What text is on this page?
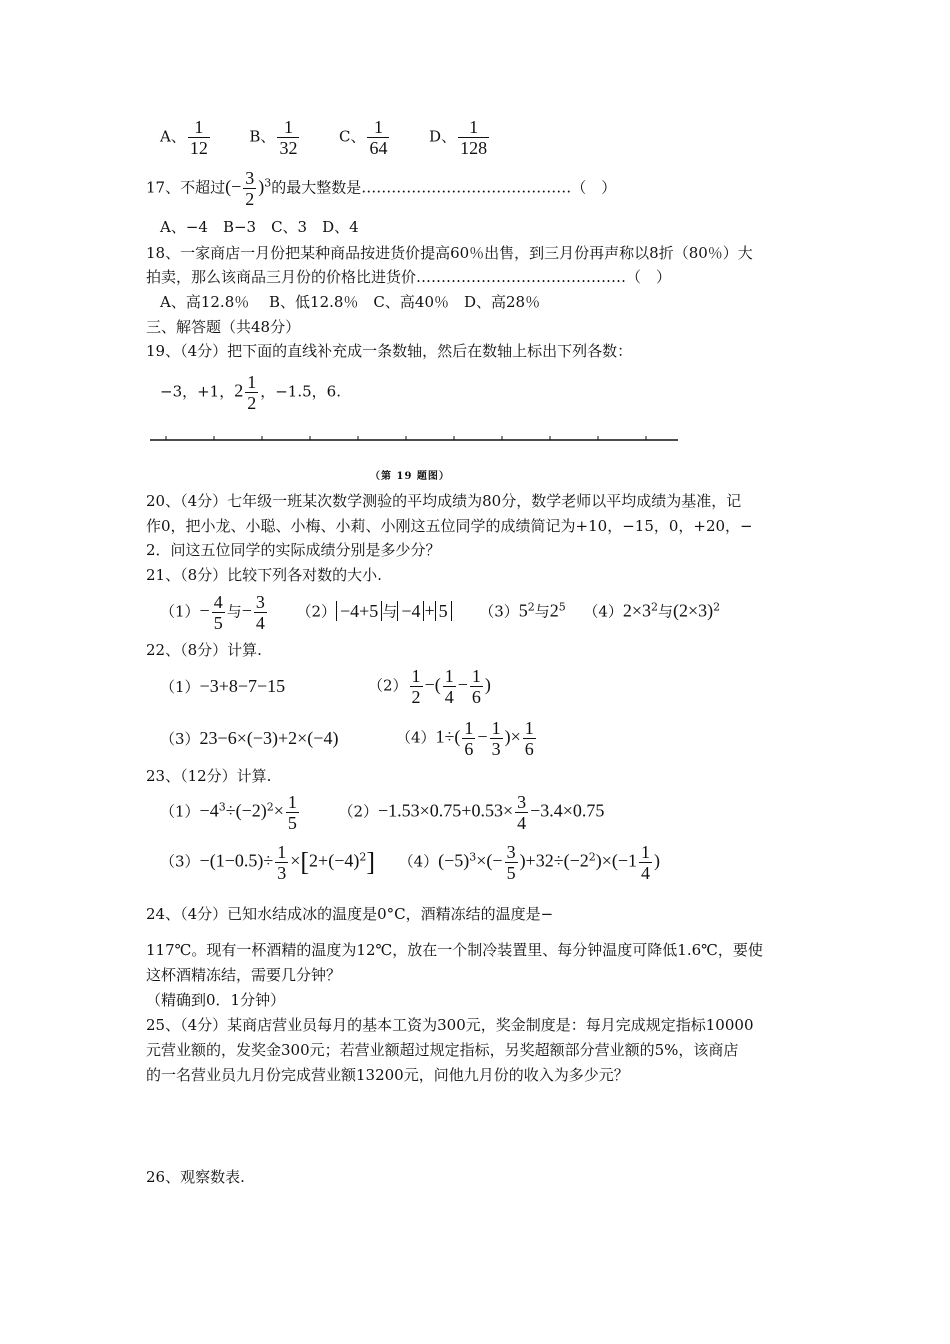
A、 $\frac{1}{12}$	B、 $\frac{1}{32}$	C、 $\frac{1}{64}$	D、 $\frac{1}{128}$
17、不超过(− $\frac{3}{2} )^3$的最大整数是……………………………………（　）
A、−4　B−3　C、3　D、4
18、一家商店一月份把某种商品按进货价提高60％出售，到三月份再声称以8折（80％）大
拍卖，那么该商品三月份的价格比进货价……………………………………（　）
A、高12.8％　 B、低12.8％　C、高40％　D、高28％
三、解答题（共48分）
19、（4分）把下面的直线补充成一条数轴，然后在数轴上标出下列各数：
−3，+1，$2 \frac{1}{2}$ ，−1.5，6.
（第 19 题图）
20、（4分）七年级一班某次数学测验的平均成绩为80分，数学老师以平均成绩为基准，记
作0，把小龙、小聪、小梅、小莉、小刚这五位同学的成绩简记为+10，−15，0，+20，−
2．问这五位同学的实际成绩分别是多少分？
21、（8分）比较下列各对数的大小.
$(1)- \frac{4}{5}$ 与− $\frac{3}{4} (2) -4+5$ 与 −4 + 5 $(3)5^2$与$2^5$ $(4)2\times 3^2$与$(2\times 3)^2$
22、（8分）计算.
（1）−3+8−7−15	$(2) \frac{1}{2}$ −( $\frac{1}{4} - \frac{1}{6}$ )
（3）23−6×(−3)+2×(−4)	$(4)1\div( \frac{1}{6} - \frac{1}{3}$ )× $\frac{1}{6}$
23、（12分）计算.
$(1)-4^3\div(-2)^2\times \frac{1}{5}$	$(2)-1.53\times 0.75+0.53\times \frac{3}{4} -3.4\times 0.75$
$(3)-(1-0.5)\div \frac{1}{3} \times[2+(-4)^2]$ $(4)(-5)^3\times(- \frac{3}{5} )+32\div(-2^2)\times(-1 \frac{1}{4}$ )
24、（4分）已知水结成冰的温度是0°C，酒精冻结的温度是−
117℃。现有一杯酒精的温度为12℃，放在一个制冷装置里、每分钟温度可降低1.6℃，要使
这杯酒精冻结，需要几分钟？
（精确到0．1分钟）
25、（4分）某商店营业员每月的基本工资为300元，奖金制度是：每月完成规定指标10000
元营业额的，发奖金300元；若营业额超过规定指标，另奖超额部分营业额的5%，该商店
的一名营业员九月份完成营业额13200元，问他九月份的收入为多少元？
26、观察数表.
